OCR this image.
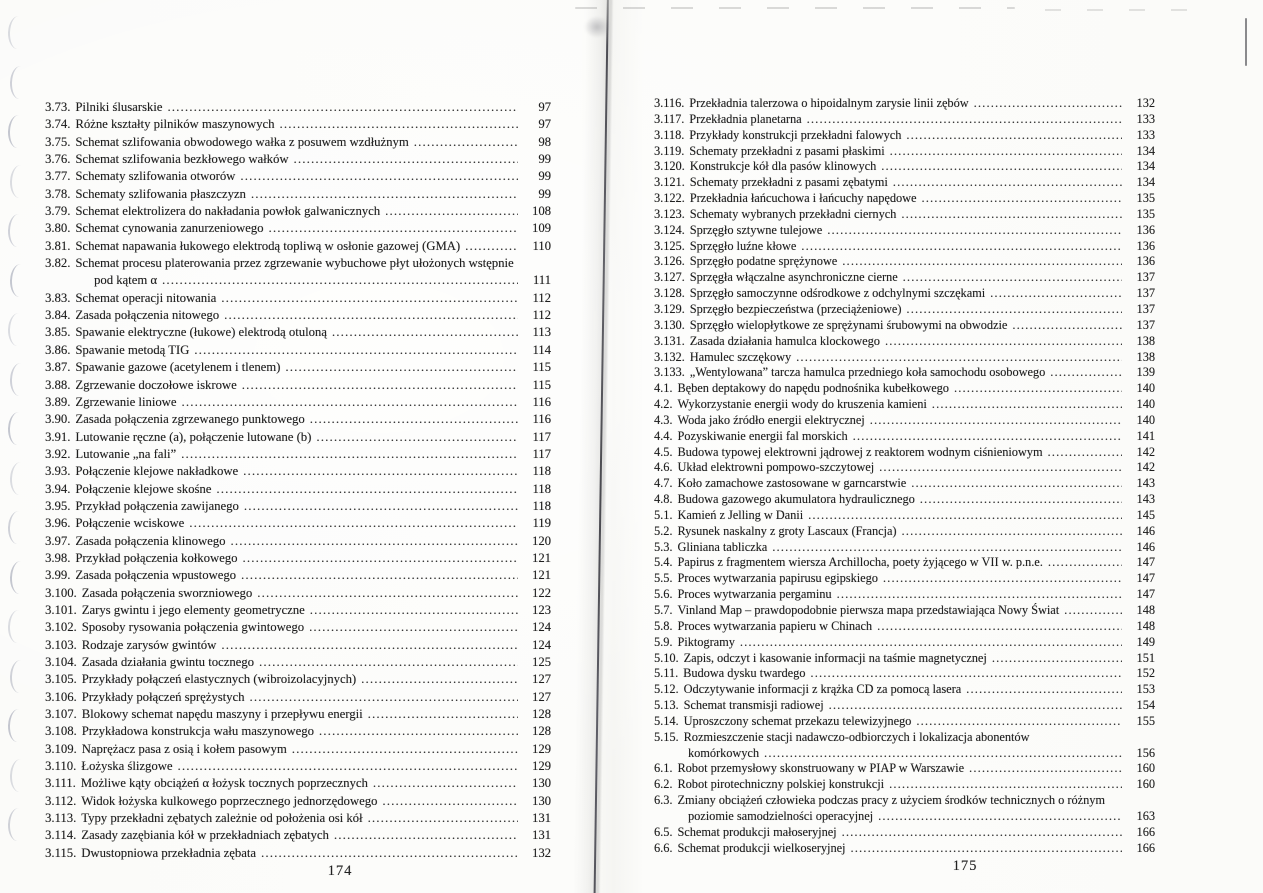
3.73. Pilniki ślusarskie .....	97
3.74. Różne kształty pilników maszynowych .....	97
3.75. Schemat szlifowania obwodowego wałka z posuwem wzdłużnym .....	98
3.76. Schemat szlifowania bezkłowego wałków .....	99
3.77. Schematy szlifowania otworów .....	99
3.78. Schematy szlifowania płaszczyzn .....	99
3.79. Schemat elektrolizera do nakładania powłok galwanicznych .....	108
3.80. Schemat cynowania zanurzeniowego .....	109
3.81. Schemat napawania łukowego elektrodą topliwą w osłonie gazowej (GMA) .....	110
3.82. Schemat procesu platerowania przez zgrzewanie wybuchowe płyt ułożonych wstępnie
pod kątem α .....	111
3.83. Schemat operacji nitowania .....	112
3.84. Zasada połączenia nitowego .....	112
3.85. Spawanie elektryczne (łukowe) elektrodą otuloną .....	113
3.86. Spawanie metodą TIG .....	114
3.87. Spawanie gazowe (acetylenem i tlenem) .....	115
3.88. Zgrzewanie doczołowe iskrowe .....	115
3.89. Zgrzewanie liniowe .....	116
3.90. Zasada połączenia zgrzewanego punktowego .....	116
3.91. Lutowanie ręczne (a), połączenie lutowane (b) .....	117
3.92. Lutowanie „na fali” .....	117
3.93. Połączenie klejowe nakładkowe .....	118
3.94. Połączenie klejowe skośne .....	118
3.95. Przykład połączenia zawijanego .....	118
3.96. Połączenie wciskowe .....	119
3.97. Zasada połączenia klinowego .....	120
3.98. Przykład połączenia kołkowego .....	121
3.99. Zasada połączenia wpustowego .....	121
3.100. Zasada połączenia sworzniowego .....	122
3.101. Zarys gwintu i jego elementy geometryczne .....	123
3.102. Sposoby rysowania połączenia gwintowego .....	124
3.103. Rodzaje zarysów gwintów .....	124
3.104. Zasada działania gwintu tocznego .....	125
3.105. Przykłady połączeń elastycznych (wibroizolacyjnych) .....	127
3.106. Przykłady połączeń sprężystych .....	127
3.107. Blokowy schemat napędu maszyny i przepływu energii .....	128
3.108. Przykładowa konstrukcja wału maszynowego .....	128
3.109. Naprężacz pasa z osią i kołem pasowym .....	129
3.110. Łożyska ślizgowe .....	129
3.111. Możliwe kąty obciążeń α łożysk tocznych poprzecznych .....	130
3.112. Widok łożyska kulkowego poprzecznego jednorzędowego .....	130
3.113. Typy przekładni zębatych zależnie od położenia osi kół .....	131
3.114. Zasady zazębiania kół w przekładniach zębatych .....	131
3.115. Dwustopniowa przekładnia zębata .....	132
3.116. Przekładnia talerzowa o hipoidalnym zarysie linii zębów .....	132
3.117. Przekładnia planetarna .....	133
3.118. Przykłady konstrukcji przekładni falowych .....	133
3.119. Schematy przekładni z pasami płaskimi .....	134
3.120. Konstrukcje kół dla pasów klinowych .....	134
3.121. Schematy przekładni z pasami zębatymi .....	134
3.122. Przekładnia łańcuchowa i łańcuchy napędowe .....	135
3.123. Schematy wybranych przekładni ciernych .....	135
3.124. Sprzęgło sztywne tulejowe .....	136
3.125. Sprzęgło luźne kłowe .....	136
3.126. Sprzęgło podatne sprężynowe .....	136
3.127. Sprzęgła włączalne asynchroniczne cierne .....	137
3.128. Sprzęgło samoczynne odśrodkowe z odchylnymi szczękami .....	137
3.129. Sprzęgło bezpieczeństwa (przeciążeniowe) .....	137
3.130. Sprzęgło wielopłytkowe ze sprężynami śrubowymi na obwodzie .....	137
3.131. Zasada działania hamulca klockowego .....	138
3.132. Hamulec szczękowy .....	138
3.133. „Wentylowana” tarcza hamulca przedniego koła samochodu osobowego .....	139
4.1. Bęben deptakowy do napędu podnośnika kubełkowego .....	140
4.2. Wykorzystanie energii wody do kruszenia kamieni .....	140
4.3. Woda jako źródło energii elektrycznej .....	140
4.4. Pozyskiwanie energii fal morskich .....	141
4.5. Budowa typowej elektrowni jądrowej z reaktorem wodnym ciśnieniowym .....	142
4.6. Układ elektrowni pompowo-szczytowej .....	142
4.7. Koło zamachowe zastosowane w garncarstwie .....	143
4.8. Budowa gazowego akumulatora hydraulicznego .....	143
5.1. Kamień z Jelling w Danii .....	145
5.2. Rysunek naskalny z groty Lascaux (Francja) .....	146
5.3. Gliniana tabliczka .....	146
5.4. Papirus z fragmentem wiersza Archillocha, poety żyjącego w VII w. p.n.e. .....	147
5.5. Proces wytwarzania papirusu egipskiego .....	147
5.6. Proces wytwarzania pergaminu .....	147
5.7. Vinland Map – prawdopodobnie pierwsza mapa przedstawiająca Nowy Świat .....	148
5.8. Proces wytwarzania papieru w Chinach .....	148
5.9. Piktogramy .....	149
5.10. Zapis, odczyt i kasowanie informacji na taśmie magnetycznej .....	151
5.11. Budowa dysku twardego .....	152
5.12. Odczytywanie informacji z krążka CD za pomocą lasera .....	153
5.13. Schemat transmisji radiowej .....	154
5.14. Uproszczony schemat przekazu telewizyjnego .....	155
5.15. Rozmieszczenie stacji nadawczo-odbiorczych i lokalizacja abonentów
komórkowych .....	156
6.1. Robot przemysłowy skonstruowany w PIAP w Warszawie .....	160
6.2. Robot pirotechniczny polskiej konstrukcji .....	160
6.3. Zmiany obciążeń człowieka podczas pracy z użyciem środków technicznych o różnym
poziomie samodzielności operacyjnej .....	163
6.5. Schemat produkcji małoseryjnej .....	166
6.6. Schemat produkcji wielkoseryjnej .....	166
174	175
